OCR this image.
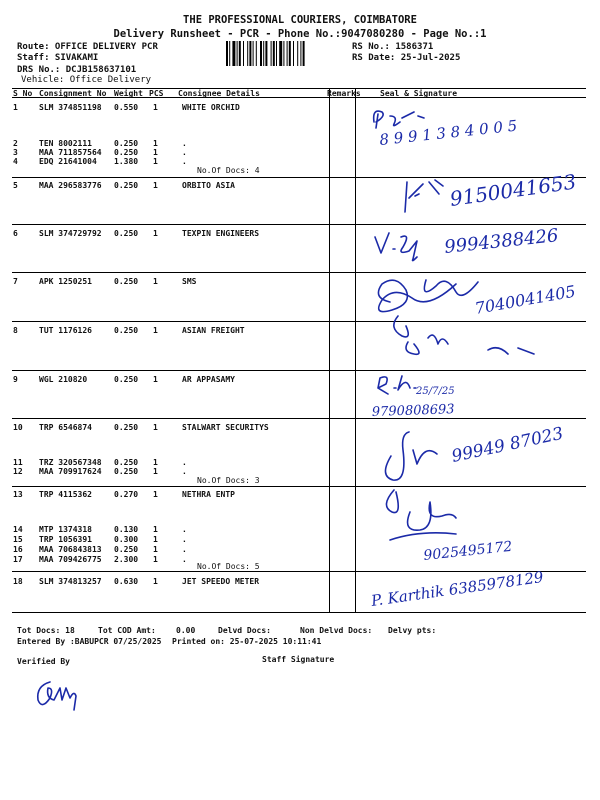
THE PROFESSIONAL COURIERS, COIMBATORE
Delivery Runsheet - PCR - Phone No.:9047080280 - Page No.:1
Route: OFFICE DELIVERY PCR
Staff: SIVAKAMI
DRS No.: DCJB158637101
Vehicle: Office Delivery
RS No.: 1586371
RS Date: 25-Jul-2025
S No Consignment No Weight PCS Consignee Details	Remarks Seal & Signature
1	SLM 374851198 0.550 1	WHITE ORCHID
2	TEN 8002111	0.250 1	.
3	MAA 711857564 0.250 1	.
4	EDQ 21641004 1.380 1	.
5	MAA 296583776 0.250 1	ORBITO ASIA
6	SLM 374729792 0.250 1	TEXPIN ENGINEERS
7	APK 1250251	0.250 1	SMS
8	TUT 1176126	0.250 1	ASIAN FREIGHT
9	WGL 210820	0.250 1	AR APPASAMY
10 TRP 6546874	0.250 1	STALWART SECURITYS
11 TRZ 320567348 0.250 1	.
12 MAA 709917624 0.250 1	.
13 TRP 4115362	0.270 1	NETHRA ENTP
14 MTP 1374318	0.130 1	.
15 TRP 1056391	0.300 1	.
16 MAA 706843813 0.250 1	.
17 MAA 709426775 2.300 1	.
18 SLM 374813257 0.630 1	JET SPEEDO METER
No.Of Docs: 4
No.Of Docs: 3
No.Of Docs: 5
8 9 9 1 3 8 4 0 0 5
9150041653
9994388426
7040041405
25/7/25
9790808693
99949 87023
9025495172
P. Karthik 6385978129
Tot Docs: 18	Tot COD Amt:	0.00	Delvd Docs:	Non Delvd Docs: Delvy pts:
Entered By :BABUPCR 07/25/2025 Printed on: 25-07-2025 10:11:41
Verified By	Staff Signature
